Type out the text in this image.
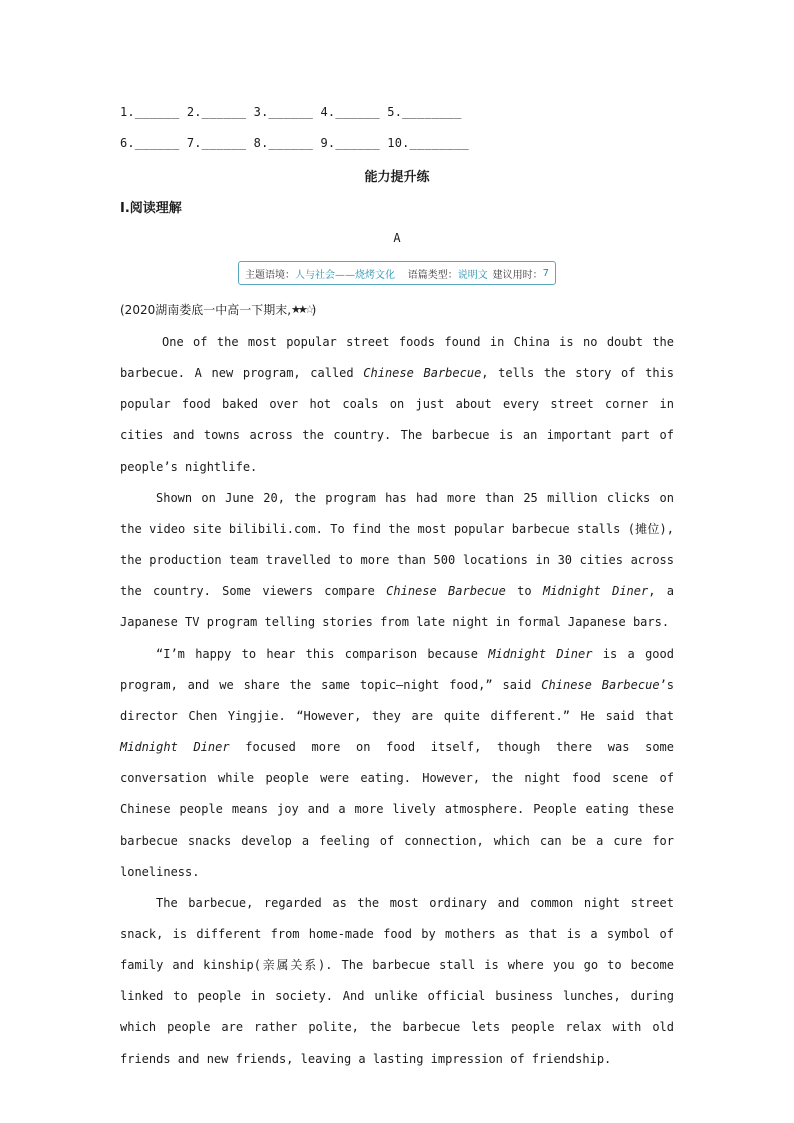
1.______ 2.______ 3.______ 4.______ 5.________
6.______ 7.______ 8.______ 9.______ 10.________
能力提升练
Ⅰ.阅读理解
A
主题语境： 人与社会——烧烤文化 语篇类型： 说明文 建议用时： 7
(2020湖南娄底一中高一下期末,★★☆)

One of the most popular street foods found in China is no doubt the barbecue. A new program, called Chinese Barbecue, tells the story of this popular food baked over hot coals on just about every street corner in cities and towns across the country. The barbecue is an important part of people’s nightlife.

Shown on June 20, the program has had more than 25 million clicks on the video site bilibili.com. To find the most popular barbecue stalls (摊位), the production team travelled to more than 500 locations in 30 cities across the country. Some viewers compare Chinese Barbecue to Midnight Diner, a Japanese TV program telling stories from late night in formal Japanese bars.

“I’m happy to hear this comparison because Midnight Diner is a good program, and we share the same topic—night food,” said Chinese Barbecue’s director Chen Yingjie. “However, they are quite different.” He said that Midnight Diner focused more on food itself, though there was some conversation while people were eating. However, the night food scene of Chinese people means joy and a more lively atmosphere. People eating these barbecue snacks develop a feeling of connection, which can be a cure for loneliness.

The barbecue, regarded as the most ordinary and common night street snack, is different from home-made food by mothers as that is a symbol of family and kinship(亲属关系). The barbecue stall is where you go to become linked to people in society. And unlike official business lunches, during which people are rather polite, the barbecue lets people relax with old friends and new friends, leaving a lasting impression of friendship.
